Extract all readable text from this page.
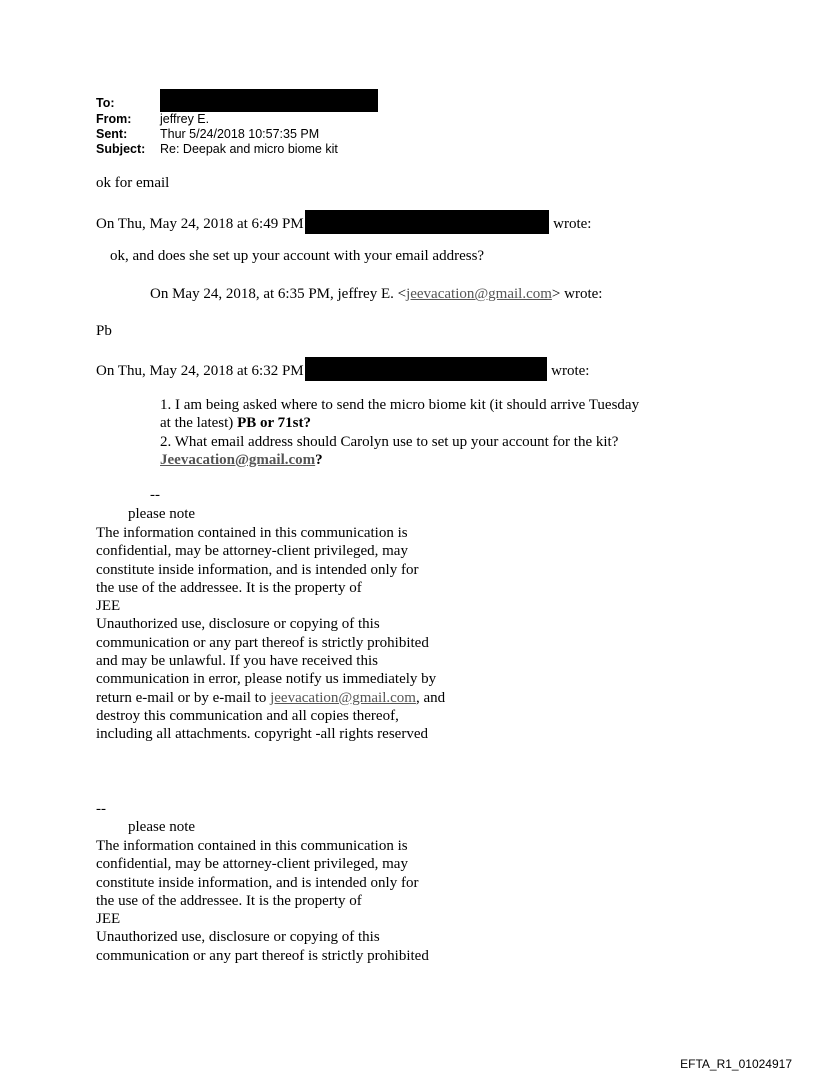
To:
From:	jeffrey E.
Sent:	Thur 5/24/2018 10:57:35 PM
Subject:	Re: Deepak and micro biome kit
ok for email
On Thu, May 24, 2018 at 6:49 PM	wrote:
ok, and does she set up your account with your email address?
On May 24, 2018, at 6:35 PM, jeffrey E. <jeevacation@gmail.com> wrote:
Pb
On Thu, May 24, 2018 at 6:32 PM	wrote:
1. I am being asked where to send the micro biome kit (it should arrive Tuesday
at the latest) PB or 71st?
2. What email address should Carolyn use to set up your account for the kit?
Jeevacation@gmail.com?
--
please note
The information contained in this communication is
confidential, may be attorney-client privileged, may
constitute inside information, and is intended only for
the use of the addressee. It is the property of
JEE
Unauthorized use, disclosure or copying of this
communication or any part thereof is strictly prohibited
and may be unlawful. If you have received this
communication in error, please notify us immediately by
return e-mail or by e-mail to jeevacation@gmail.com, and
destroy this communication and all copies thereof,
including all attachments. copyright -all rights reserved
--
please note
The information contained in this communication is
confidential, may be attorney-client privileged, may
constitute inside information, and is intended only for
the use of the addressee. It is the property of
JEE
Unauthorized use, disclosure or copying of this
communication or any part thereof is strictly prohibited
EFTA_R1_01024917
